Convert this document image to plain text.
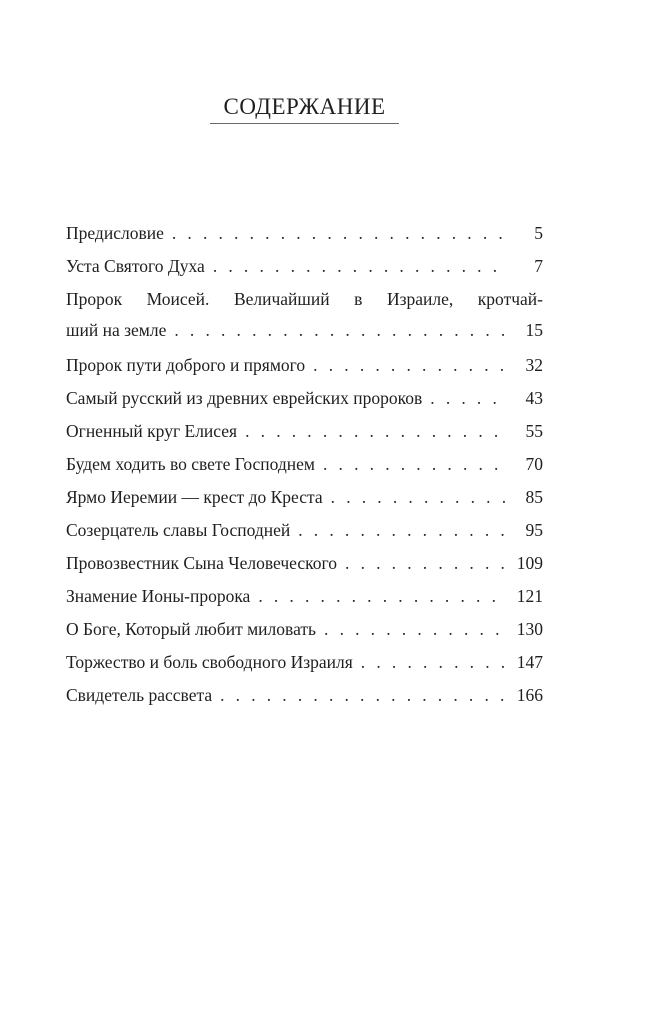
СОДЕРЖАНИЕ
Предисловие . . .	5
Уста Святого Духа . . .	7
Пророк Моисей. Величайший в Израиле, кротчай-
ший на земле . . .	15
Пророк пути доброго и прямого . . .	32
Самый русский из древних еврейских пророков . . .	43
Огненный круг Елисея . . .	55
Будем ходить во свете Господнем . . .	70
Ярмо Иеремии — крест до Креста . . .	85
Созерцатель славы Господней . . .	95
Провозвестник Сына Человеческого . . .	109
Знамение Ионы-пророка . . .	121
О Боге, Который любит миловать . . .	130
Торжество и боль свободного Израиля . . .	147
Свидетель рассвета . . .	166
